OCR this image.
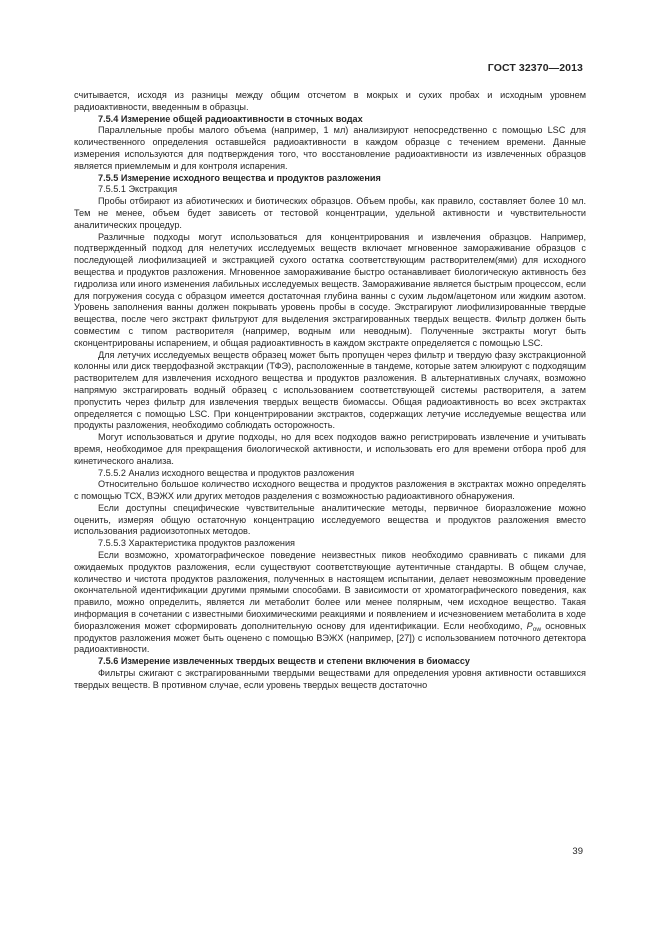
ГОСТ 32370—2013

считывается, исходя из разницы между общим отсчетом в мокрых и сухих пробах и исходным уровнем радиоактивности, введенным в образцы.

7.5.4 Измерение общей радиоактивности в сточных водах

Параллельные пробы малого объема (например, 1 мл) анализируют непосредственно с помощью LSC для количественного определения оставшейся радиоактивности в каждом образце с течением времени. Данные измерения используются для подтверждения того, что восстановление радиоактивности из извлеченных образцов является приемлемым и для контроля испарения.

7.5.5 Измерение исходного вещества и продуктов разложения

7.5.5.1 Экстракция

Пробы отбирают из абиотических и биотических образцов. Объем пробы, как правило, составляет более 10 мл. Тем не менее, объем будет зависеть от тестовой концентрации, удельной активности и чувствительности аналитических процедур.

Различные подходы могут использоваться для концентрирования и извлечения образцов. Например, подтвержденный подход для нелетучих исследуемых веществ включает мгновенное замораживание образцов с последующей лиофилизацией и экстракцией сухого остатка соответствующим растворителем(ями) для исходного вещества и продуктов разложения. Мгновенное замораживание быстро останавливает биологическую активность без гидролиза или иного изменения лабильных исследуемых веществ. Замораживание является быстрым процессом, если для погружения сосуда с образцом имеется достаточная глубина ванны с сухим льдом/ацетоном или жидким азотом. Уровень заполнения ванны должен покрывать уровень пробы в сосуде. Экстрагируют лиофилизированные твердые вещества, после чего экстракт фильтруют для выделения экстрагированных твердых веществ. Фильтр должен быть совместим с типом растворителя (например, водным или неводным). Полученные экстракты могут быть сконцентрированы испарением, и общая радиоактивность в каждом экстракте определяется с помощью LSC.

Для летучих исследуемых веществ образец может быть пропущен через фильтр и твердую фазу экстракционной колонны или диск твердофазной экстракции (ТФЭ), расположенные в тандеме, которые затем элюируют с подходящим растворителем для извлечения исходного вещества и продуктов разложения. В альтернативных случаях, возможно напрямую экстрагировать водный образец с использованием соответствующей системы растворителя, а затем пропустить через фильтр для извлечения твердых веществ биомассы. Общая радиоактивность во всех экстрактах определяется с помощью LSC. При концентрировании экстрактов, содержащих летучие исследуемые вещества или продукты разложения, необходимо соблюдать осторожность.

Могут использоваться и другие подходы, но для всех подходов важно регистрировать извлечение и учитывать время, необходимое для прекращения биологической активности, и использовать его для времени отбора проб для кинетического анализа.

7.5.5.2 Анализ исходного вещества и продуктов разложения

Относительно большое количество исходного вещества и продуктов разложения в экстрактах можно определять с помощью ТСХ, ВЭЖХ или других методов разделения с возможностью радиоактивного обнаружения.

Если доступны специфические чувствительные аналитические методы, первичное биоразложение можно оценить, измеряя общую остаточную концентрацию исследуемого вещества и продуктов разложения вместо использования радиоизотопных методов.

7.5.5.3 Характеристика продуктов разложения

Если возможно, хроматографическое поведение неизвестных пиков необходимо сравнивать с пиками для ожидаемых продуктов разложения, если существуют соответствующие аутентичные стандарты. В общем случае, количество и чистота продуктов разложения, полученных в настоящем испытании, делает невозможным проведение окончательной идентификации другими прямыми способами. В зависимости от хроматографического поведения, как правило, можно определить, является ли метаболит более или менее полярным, чем исходное вещество. Такая информация в сочетании с известными биохимическими реакциями и появлением и исчезновением метаболита в ходе биоразложения может сформировать дополнительную основу для идентификации. Если необходимо, $P_{ow}$ основных продуктов разложения может быть оценено с помощью ВЭЖХ (например, [27]) с использованием поточного детектора радиоактивности.

7.5.6 Измерение извлеченных твердых веществ и степени включения в биомассу

Фильтры сжигают с экстрагированными твердыми веществами для определения уровня активности оставшихся твердых веществ. В противном случае, если уровень твердых веществ достаточно

39
